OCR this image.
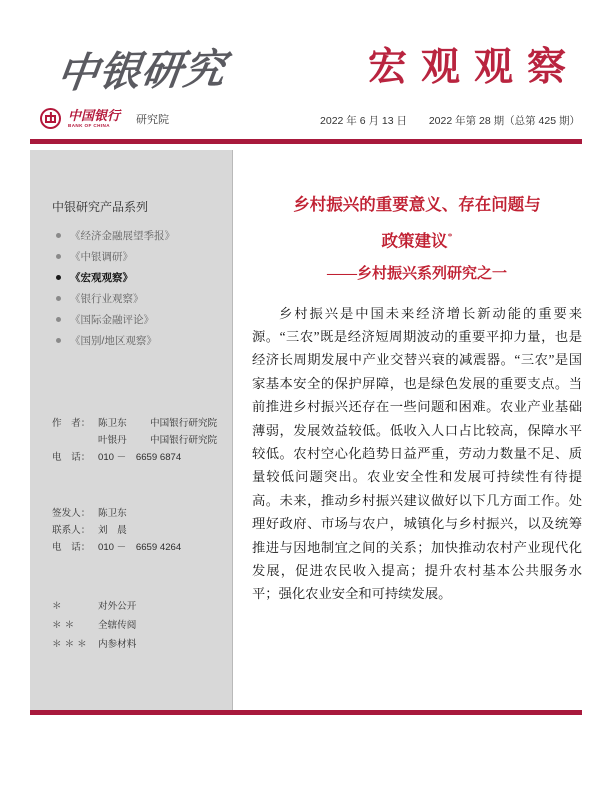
中银研究	宏观观察
中国银行
BANK OF CHINA	研究院	2022 年 6 月 13 日 2022 年第 28 期（总第 425 期）
中银研究产品系列
《经济金融展望季报》
《中银调研》
《宏观观察》
《银行业观察》
《国际金融评论》
《国别/地区观察》
作　者： 陈卫东	中国银行研究院
叶银丹	中国银行研究院
电　话： 010 －　6659 6874
签发人： 陈卫东
联系人： 刘　晨
电　话： 010 －　6659 4264
＊	对外公开
＊＊	全辖传阅
＊＊＊ 内参材料
乡村振兴的重要意义、存在问题与
政策建议*
——乡村振兴系列研究之一
乡村振兴是中国未来经济增长新动能的重要来源。“三农”既是经济短周期波动的重要平抑力量，也是经济长周期发展中产业交替兴衰的减震器。“三农”是国家基本安全的保护屏障，也是绿色发展的重要支点。当前推进乡村振兴还存在一些问题和困难。农业产业基础薄弱，发展效益较低。低收入人口占比较高，保障水平较低。农村空心化趋势日益严重，劳动力数量不足、质量较低问题突出。农业安全性和发展可持续性有待提高。未来，推动乡村振兴建议做好以下几方面工作。处理好政府、市场与农户，城镇化与乡村振兴，以及统筹推进与因地制宜之间的关系；加快推动农村产业现代化发展，促进农民收入提高；提升农村基本公共服务水平；强化农业安全和可持续发展。
